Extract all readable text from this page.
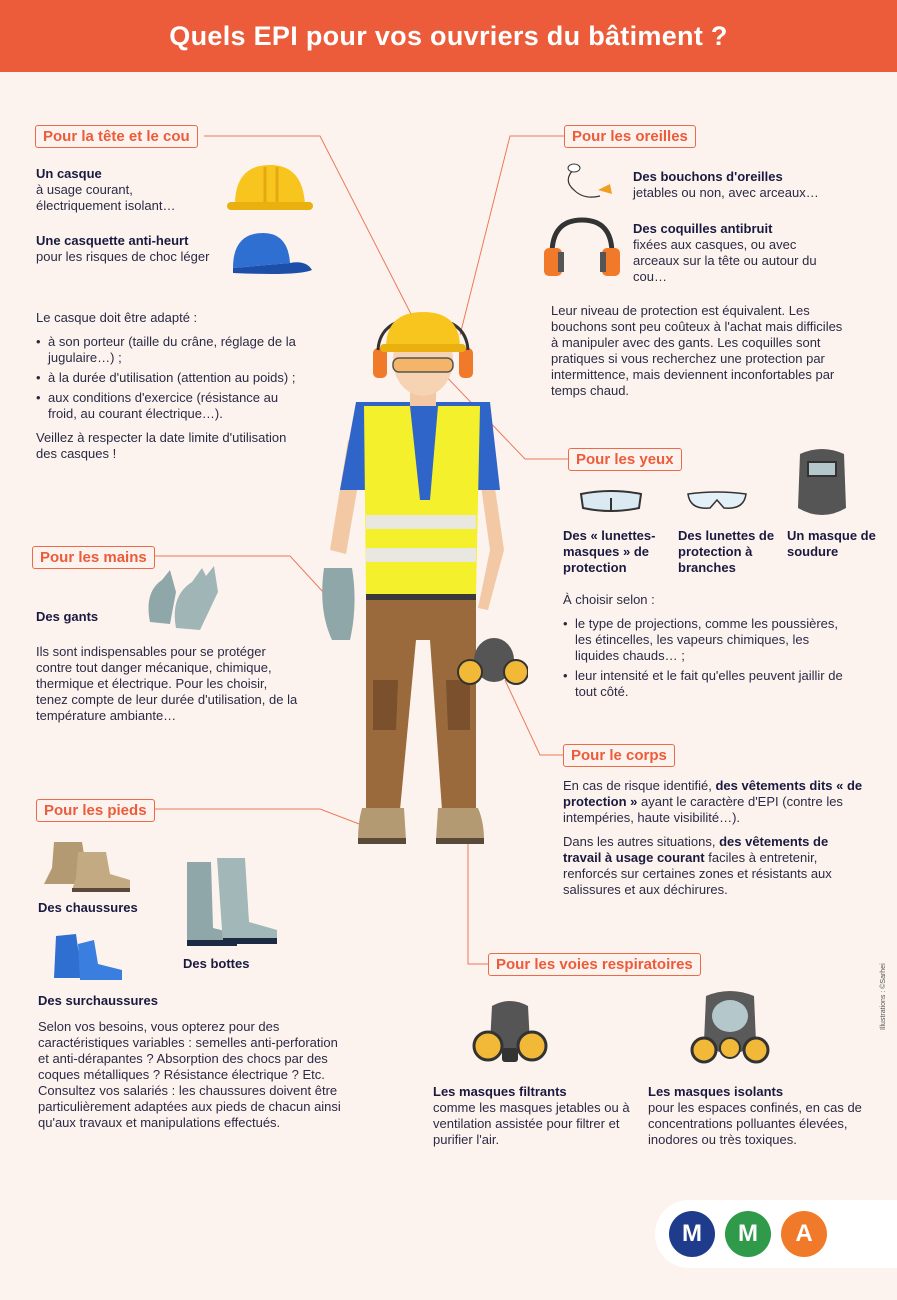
Quels EPI pour vos ouvriers du bâtiment ?
Pour la tête et le cou
Un casque
à usage courant, électriquement isolant…
Une casquette anti-heurt
pour les risques de choc léger

Le casque doit être adapté :

• à son porteur (taille du crâne, réglage de la jugulaire…) ;
• à la durée d'utilisation (attention au poids) ;
• aux conditions d'exercice (résistance au froid, au courant électrique…).

Veillez à respecter la date limite d'utilisation des casques !

Pour les oreilles
Des bouchons d'oreilles
jetables ou non, avec arceaux…
Des coquilles antibruit
fixées aux casques, ou avec arceaux sur la tête ou autour du cou…
Leur niveau de protection est équivalent. Les bouchons sont peu coûteux à l'achat mais difficiles à manipuler avec des gants. Les coquilles sont pratiques si vous recherchez une protection par intermittence, mais deviennent inconfortables par temps chaud.
Pour les yeux
Des « lunettes-masques » de protection
Des lunettes de protection à branches
Un masque de soudure

À choisir selon :

• le type de projections, comme les poussières, les étincelles, les vapeurs chimiques, les liquides chauds… ;
• leur intensité et le fait qu'elles peuvent jaillir de tout côté.
Pour les mains
Des gants
Ils sont indispensables pour se protéger contre tout danger mécanique, chimique, thermique et électrique. Pour les choisir, tenez compte de leur durée d'utilisation, de la température ambiante…
Pour le corps

En cas de risque identifié, des vêtements dits « de protection » ayant le caractère d'EPI (contre les intempéries, haute visibilité…).

Dans les autres situations, des vêtements de travail à usage courant faciles à entretenir, renforcés sur certaines zones et résistants aux salissures et aux déchirures.

Pour les pieds
Des chaussures
Des bottes
Des surchaussures
Selon vos besoins, vous opterez pour des caractéristiques variables : semelles anti-perforation et anti-dérapantes ? Absorption des chocs par des coques métalliques ? Résistance électrique ? Etc. Consultez vos salariés : les chaussures doivent être particulièrement adaptées aux pieds de chacun ainsi qu'aux travaux et manipulations effectués.
Pour les voies respiratoires
Les masques filtrants
comme les masques jetables ou à ventilation assistée pour filtrer et purifier l'air.
Les masques isolants
pour les espaces confinés, en cas de concentrations polluantes élevées, inodores ou très toxiques.
Illustrations : ©Sarhei
M	M	A
